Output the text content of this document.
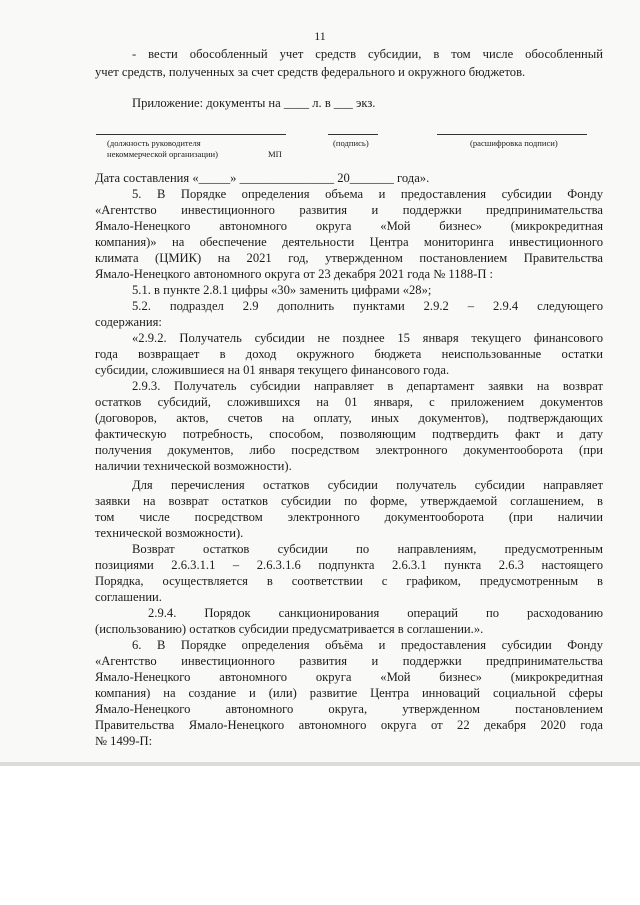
11
- вести обособленный учет средств субсидии, в том числе обособленный
учет средств, полученных за счет средств федерального и окружного бюджетов.
Приложение: документы на ____ л. в ___ экз.
(должность руководителя
некоммерческой организации)	МП
(подпись)	(расшифровка подписи)
Дата составления «_____» _______________ 20_______ года».
5. В Порядке определения объема и предоставления субсидии Фонду
«Агентство инвестиционного развития и поддержки предпринимательства
Ямало-Ненецкого автономного округа «Мой бизнес» (микрокредитная
компания)» на обеспечение деятельности Центра мониторинга инвестиционного
климата (ЦМИК) на 2021 год, утвержденном постановлением Правительства
Ямало-Ненецкого автономного округа от 23 декабря 2021 года № 1188-П :
5.1. в пункте 2.8.1 цифры «30» заменить цифрами «28»;
5.2. подраздел 2.9 дополнить пунктами 2.9.2 – 2.9.4 следующего
содержания:
«2.9.2. Получатель субсидии не позднее 15 января текущего финансового
года возвращает в доход окружного бюджета неиспользованные остатки
субсидии, сложившиеся на 01 января текущего финансового года.
2.9.3. Получатель субсидии направляет в департамент заявки на возврат
остатков субсидий, сложившихся на 01 января, с приложением документов
(договоров, актов, счетов на оплату, иных документов), подтверждающих
фактическую потребность, способом, позволяющим подтвердить факт и дату
получения документов, либо посредством электронного документооборота (при
наличии технической возможности).
Для перечисления остатков субсидии получатель субсидии направляет
заявки на возврат остатков субсидии по форме, утверждаемой соглашением, в
том числе посредством электронного документооборота (при наличии
технической возможности).
Возврат остатков субсидии по направлениям, предусмотренным
позициями 2.6.3.1.1 – 2.6.3.1.6 подпункта 2.6.3.1 пункта 2.6.3 настоящего
Порядка, осуществляется в соответствии с графиком, предусмотренным в
соглашении.
2.9.4. Порядок санкционирования операций по расходованию
(использованию) остатков субсидии предусматривается в соглашении.».
6. В Порядке определения объёма и предоставления субсидии Фонду
«Агентство инвестиционного развития и поддержки предпринимательства
Ямало-Ненецкого автономного округа «Мой бизнес» (микрокредитная
компания) на создание и (или) развитие Центра инноваций социальной сферы
Ямало-Ненецкого автономного округа, утвержденном постановлением
Правительства Ямало-Ненецкого автономного округа от 22 декабря 2020 года
№ 1499-П:
